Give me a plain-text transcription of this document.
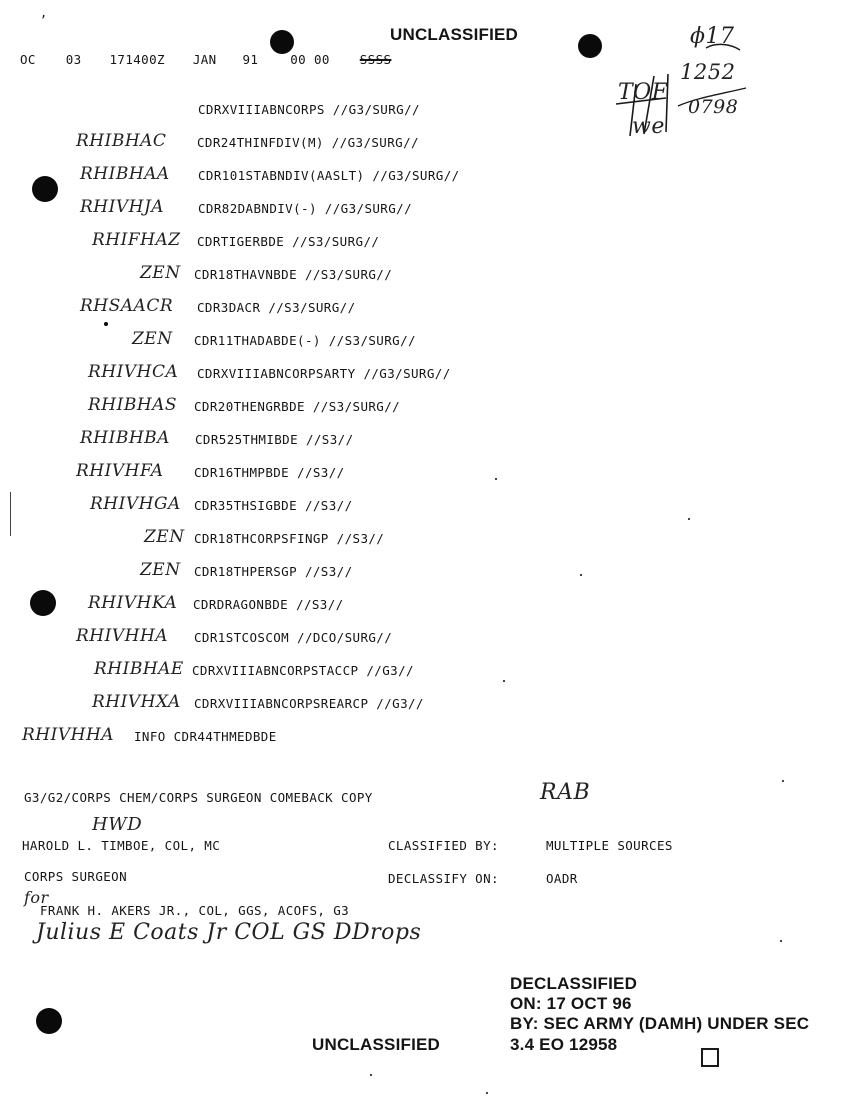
,
UNCLASSIFIED
OC 03 171400Z JAN 91	00 00 SSSS
ϕ17
TOF
1252
we
0798
CDRXVIIIABNCORPS //G3/SURG//
RHIBHAC CDR24THINFDIV(M) //G3/SURG//
RHIBHAA CDR101STABNDIV(AASLT) //G3/SURG//
RHIVHJA	CDR82DABNDIV(-) //G3/SURG//
RHIFHAZ CDRTIGERBDE //S3/SURG//
ZEN CDR18THAVNBDE //S3/SURG//
RHSAACR CDR3DACR //S3/SURG//
ZEN CDR11THADABDE(-) //S3/SURG//
RHIVHCA CDRXVIIIABNCORPSARTY //G3/SURG//
RHIBHAS CDR20THENGRBDE //S3/SURG//
RHIBHBA CDR525THMIBDE //S3//
RHIVHFA CDR16THMPBDE //S3//
RHIVHGA CDR35THSIGBDE //S3//
ZEN CDR18THCORPSFINGP //S3//
ZEN CDR18THPERSGP //S3//
RHIVHKA CDRDRAGONBDE //S3//
RHIVHHA CDR1STCOSCOM //DCO/SURG//
RHIBHAE CDRXVIIIABNCORPSTACCP //G3//
RHIVHXA CDRXVIIIABNCORPSREARCP //G3//
RHIVHHA INFO CDR44THMEDBDE
G3/G2/CORPS CHEM/CORPS SURGEON COMEBACK COPY	RAB
HWD
HAROLD L. TIMBOE, COL, MC	CLASSIFIED BY:	MULTIPLE SOURCES
CORPS SURGEON	DECLASSIFY ON:	OADR
for
FRANK H. AKERS JR., COL, GGS, ACOFS, G3
Julius E Coats Jr COL GS DDrops
DECLASSIFIED
ON: 17 OCT 96
BY: SEC ARMY (DAMH) UNDER SEC
3.4 EO 12958
UNCLASSIFIED
